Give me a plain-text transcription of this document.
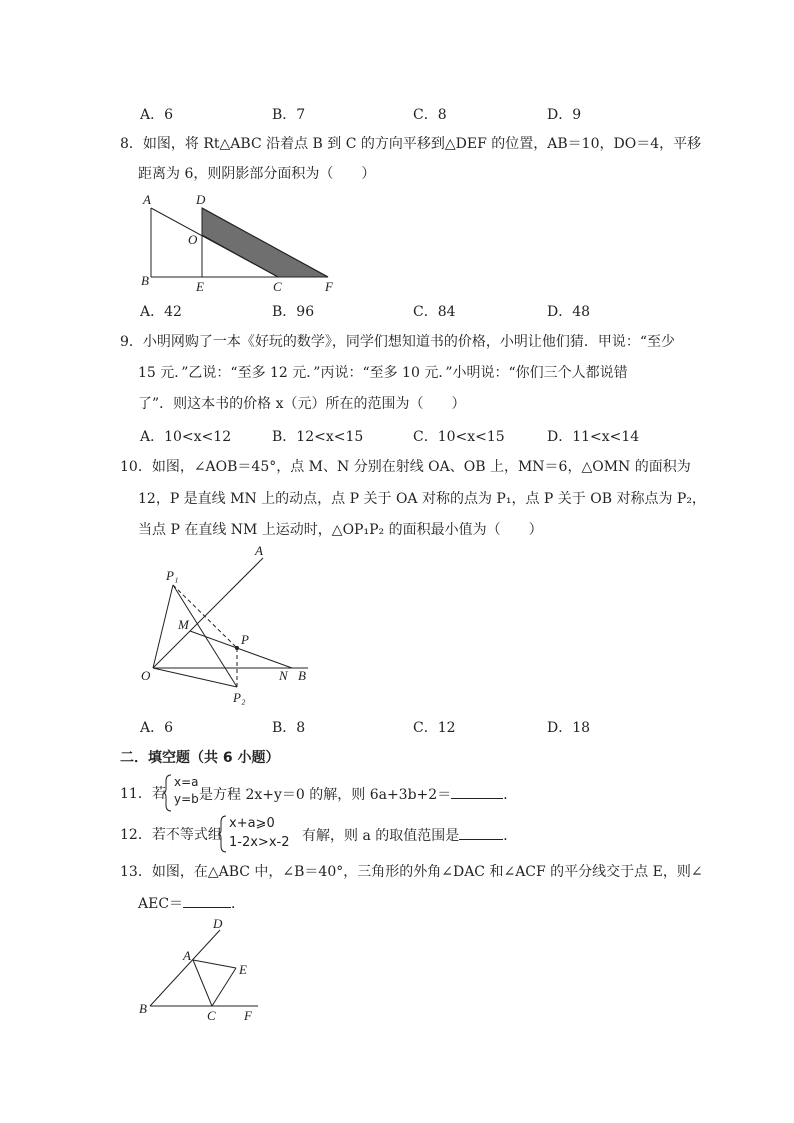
A．6	B．7	C．8	D．9
8．如图，将 Rt△ABC 沿着点 B 到 C 的方向平移到△DEF 的位置，AB＝10，DO＝4，平移
距离为 6，则阴影部分面积为（　　）
A	D
O
B	E	C	F
A．42	B．96	C．84	D．48
9．小明网购了一本《好玩的数学》，同学们想知道书的价格，小明让他们猜．甲说：“至少
15 元．”乙说：“至多 12 元．”丙说：“至多 10 元．”小明说：“你们三个人都说错
了”．则这本书的价格 x（元）所在的范围为（　　）
A．10<x<12	B．12<x<15	C．10<x<15	D．11<x<14
10．如图，∠AOB＝45°，点 M、N 分别在射线 OA、OB 上，MN＝6，△OMN 的面积为
12，P 是直线 MN 上的动点，点 P 关于 OA 对称的点为 P₁，点 P 关于 OB 对称点为 P₂，
当点 P 在直线 NM 上运动时，△OP₁P₂ 的面积最小值为（　　）
A
P₁
M
P
O	N B
P₂
A．6	B．8	C．12	D．18
二．填空题（共 6 小题）
11．若
x=a
y=b 是方程 2x+y＝0 的解，则 6a+3b+2＝	．
12．若不等式组
x+a⩾0
1-2x>x-2 有解，则 a 的取值范围是	．
13．如图，在△ABC 中，∠B＝40°，三角形的外角∠DAC 和∠ACF 的平分线交于点 E，则∠
AEC＝	．
D
A
E
B	C F
